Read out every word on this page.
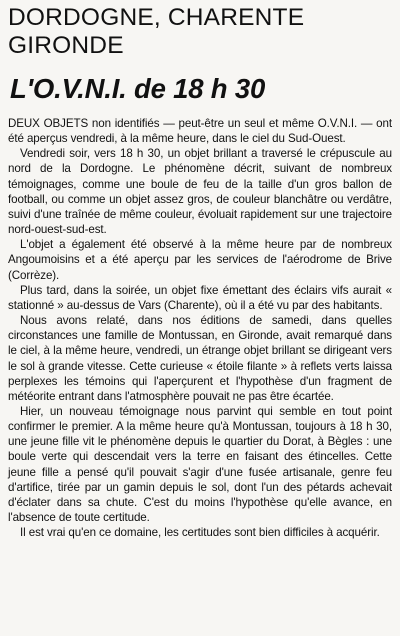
DORDOGNE, CHARENTE GIRONDE
L'O.V.N.I. de 18 h 30

DEUX OBJETS non identifiés — peut-être un seul et même O.V.N.I. — ont été aperçus vendredi, à la même heure, dans le ciel du Sud-Ouest.

Vendredi soir, vers 18 h 30, un objet brillant a traversé le crépuscule au nord de la Dordogne. Le phénomène décrit, suivant de nombreux témoignages, comme une boule de feu de la taille d'un gros ballon de football, ou comme un objet assez gros, de couleur blanchâtre ou verdâtre, suivi d'une traînée de même couleur, évoluait rapidement sur une trajectoire nord-ouest-sud-est.

L'objet a également été observé à la même heure par de nombreux Angoumoisins et a été aperçu par les services de l'aérodrome de Brive (Corrèze).

Plus tard, dans la soirée, un objet fixe émettant des éclairs vifs aurait « stationné » au-dessus de Vars (Charente), où il a été vu par des habitants.

Nous avons relaté, dans nos éditions de samedi, dans quelles circonstances une famille de Montussan, en Gironde, avait remarqué dans le ciel, à la même heure, vendredi, un étrange objet brillant se dirigeant vers le sol à grande vitesse. Cette curieuse « étoile filante » à reflets verts laissa perplexes les témoins qui l'aperçurent et l'hypothèse d'un fragment de météorite entrant dans l'atmosphère pouvait ne pas être écartée.

Hier, un nouveau témoignage nous parvint qui semble en tout point confirmer le premier. A la même heure qu'à Montussan, toujours à 18 h 30, une jeune fille vit le phénomène depuis le quartier du Dorat, à Bègles : une boule verte qui descendait vers la terre en faisant des étincelles. Cette jeune fille a pensé qu'il pouvait s'agir d'une fusée artisanale, genre feu d'artifice, tirée par un gamin depuis le sol, dont l'un des pétards achevait d'éclater dans sa chute. C'est du moins l'hypothèse qu'elle avance, en l'absence de toute certitude.

Il est vrai qu'en ce domaine, les certitudes sont bien difficiles à acquérir.
